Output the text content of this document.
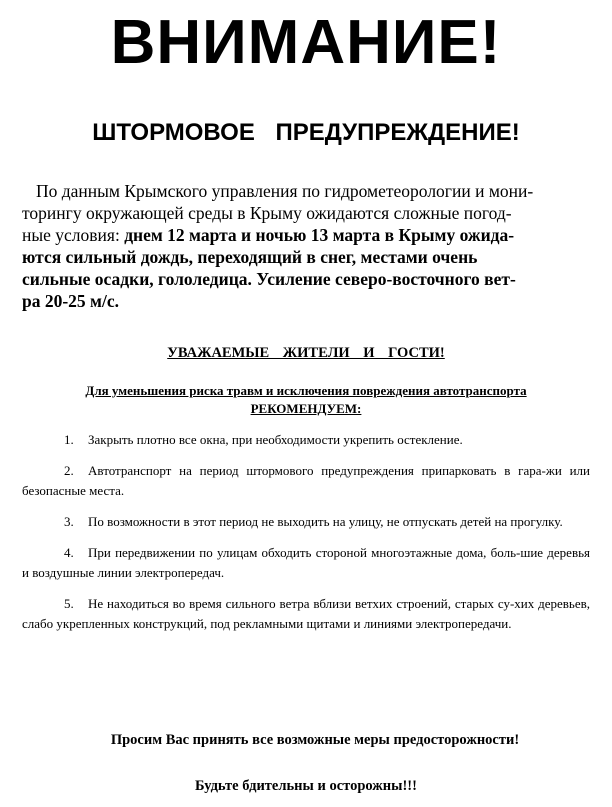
ВНИМАНИЕ!
ШТОРМОВОЕ ПРЕДУПРЕЖДЕНИЕ!
По данным Крымского управления по гидрометеорологии и мони-
торингу окружающей среды в Крыму ожидаются сложные погод-
ные условия: днем 12 марта и ночью 13 марта в Крыму ожида-
ются сильный дождь, переходящий в снег, местами очень
сильные осадки, гололедица. Усиление северо-восточного вет-
ра 20-25 м/с.
УВАЖАЕМЫЕ ЖИТЕЛИ И ГОСТИ!
Для уменьшения риска травм и исключения повреждения автотранспорта
РЕКОМЕНДУЕМ:
1 . Закрыть плотно все окна, при необходимости укрепить остекление.
2 . Автотранспорт на период штормового предупреждения припарковать в гара-жи или безопасные места.
3 . По возможности в этот период не выходить на улицу, не отпускать детей на прогулку.
4 . При передвижении по улицам обходить стороной многоэтажные дома, боль-шие деревья и воздушные линии электропередач.
5 . Не находиться во время сильного ветра вблизи ветхих строений, старых су-хих деревьев, слабо укрепленных конструкций, под рекламными щитами и линиями электропередачи.
Просим Вас принять все возможные меры предосторожности!
Будьте бдительны и осторожны!!!
